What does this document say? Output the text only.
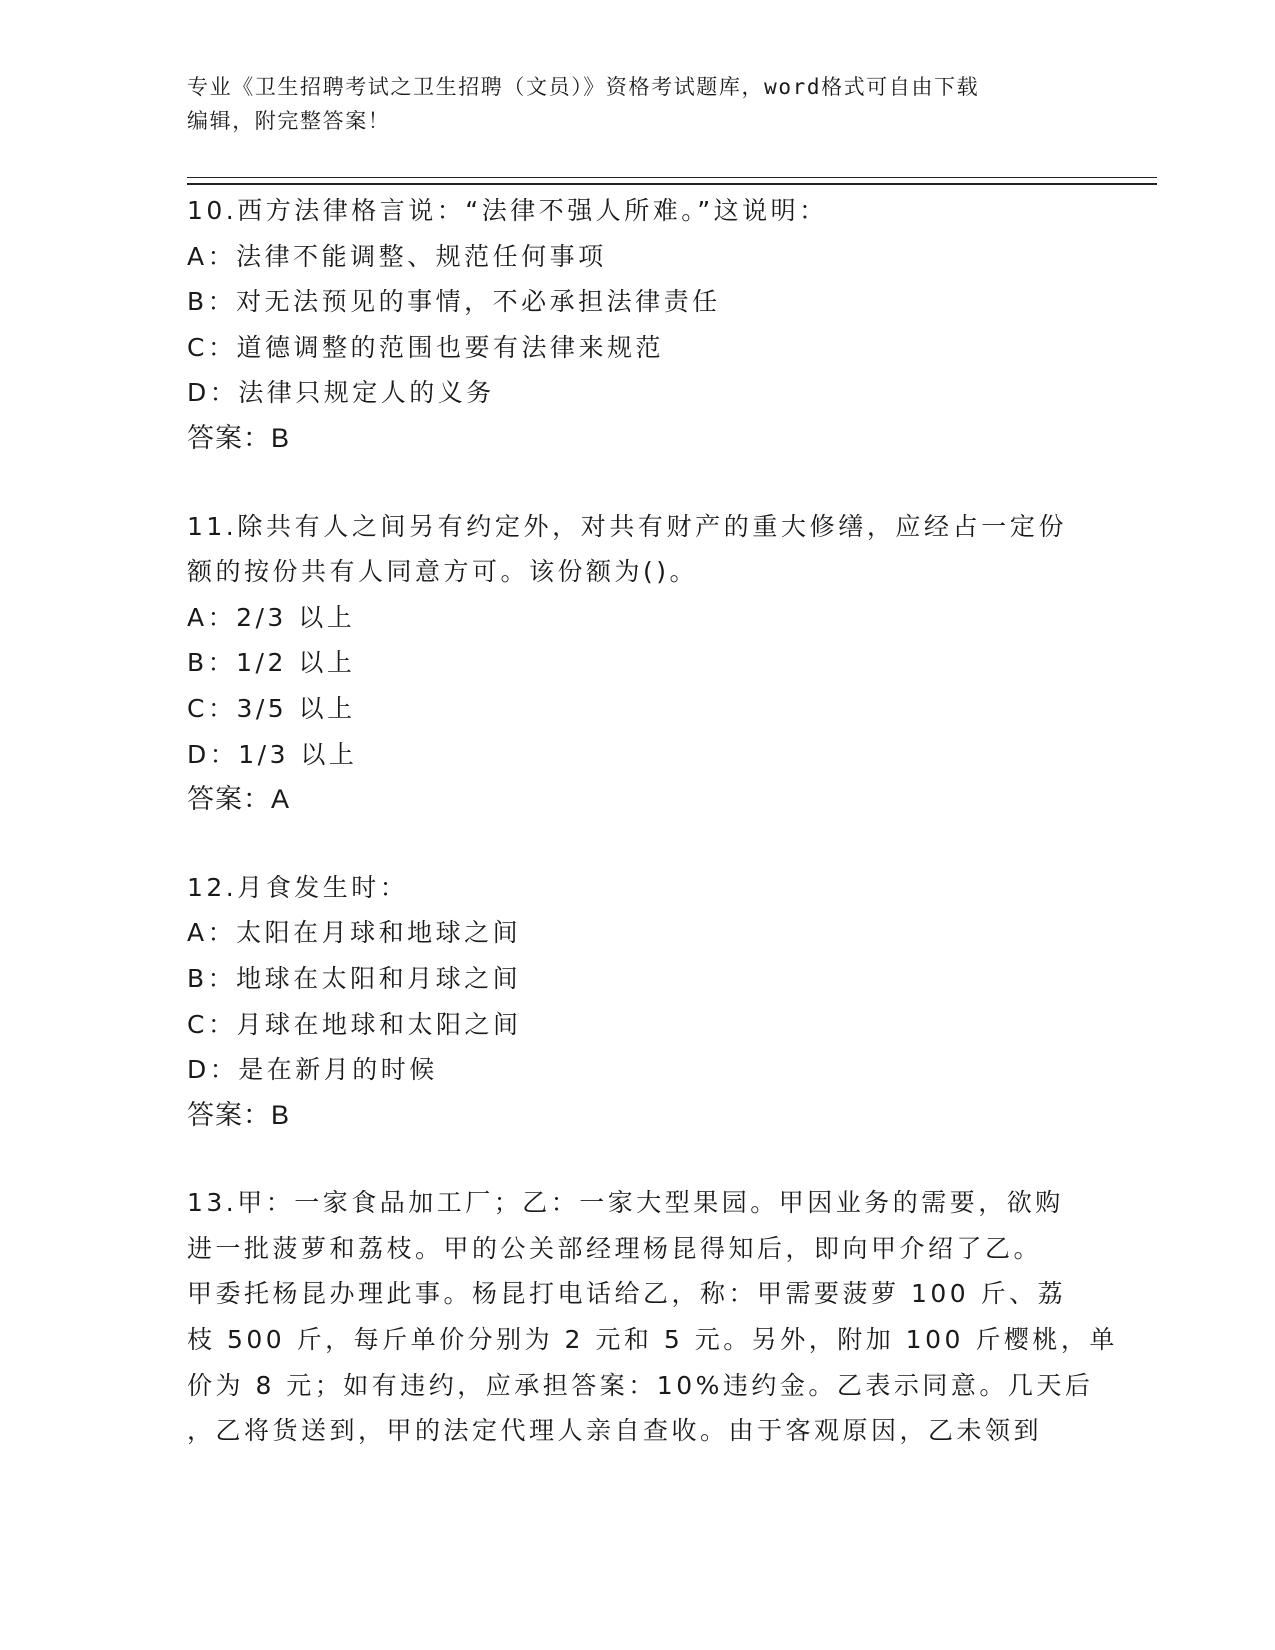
专业《卫生招聘考试之卫生招聘（文员）》资格考试题库，word格式可自由下载
编辑，附完整答案！

10.西方法律格言说：“法律不强人所难。”这说明：

A：法律不能调整、规范任何事项

B：对无法预见的事情，不必承担法律责任

C：道德调整的范围也要有法律来规范

D：法律只规定人的义务

答案：B

11.除共有人之间另有约定外，对共有财产的重大修缮，应经占一定份额的按份共有人同意方可。该份额为()。

A：2/3 以上

B：1/2 以上

C：3/5 以上

D：1/3 以上

答案：A

12.月食发生时：

A：太阳在月球和地球之间

B：地球在太阳和月球之间

C：月球在地球和太阳之间

D：是在新月的时候

答案：B

13.甲：一家食品加工厂；乙：一家大型果园。甲因业务的需要，欲购

进一批菠萝和荔枝。甲的公关部经理杨昆得知后，即向甲介绍了乙。

甲委托杨昆办理此事。杨昆打电话给乙，称：甲需要菠萝 100 斤、荔

枝 500 斤，每斤单价分别为 2 元和 5 元。另外，附加 100 斤樱桃，单

价为 8 元；如有违约，应承担答案：10%违约金。乙表示同意。几天后

，乙将货送到，甲的法定代理人亲自查收。由于客观原因，乙未领到
